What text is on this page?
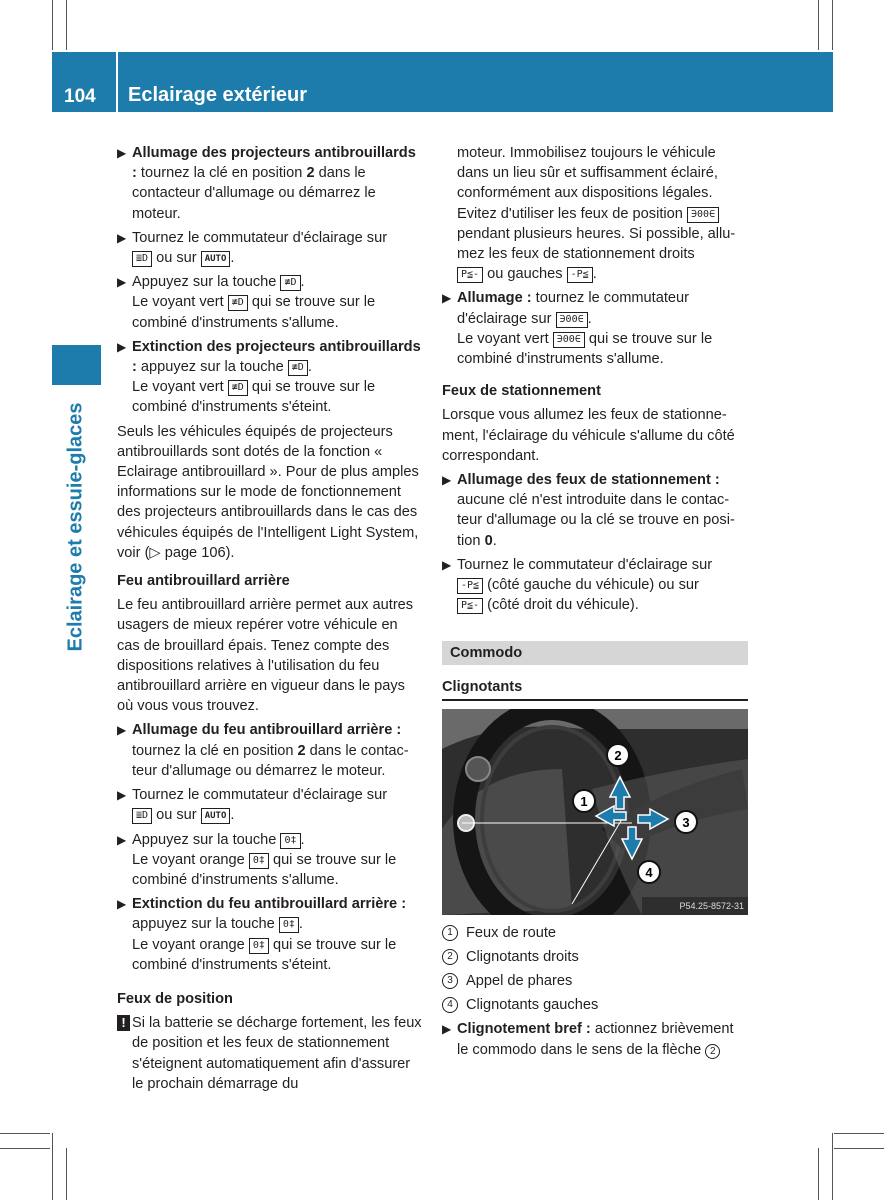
104 Eclairage extérieur
Eclairage et essuie-glaces
▶ Allumage des projecteurs antibrouillards : tournez la clé en position 2 dans le contacteur d'allumage ou démarrez le moteur.
▶ Tournez le commutateur d'éclairage sur
≣D ou sur AUTO .
▶ Appuyez sur la touche ≢D .
Le voyant vert ≢D qui se trouve sur le combiné d'instruments s'allume.
▶ Extinction des projecteurs antibrouillards : appuyez sur la touche ≢D .
Le voyant vert ≢D qui se trouve sur le combiné d'instruments s'éteint.
Seuls les véhicules équipés de projecteurs antibrouillards sont dotés de la fonction « Eclairage antibrouillard ». Pour de plus amples informations sur le mode de fonctionnement des projecteurs antibrouillards dans le cas des véhicules équipés de l'Intelligent Light System, voir (▷ page 106).
Feu antibrouillard arrière
Le feu antibrouillard arrière permet aux autres usagers de mieux repérer votre véhicule en cas de brouillard épais. Tenez compte des dispositions relatives à l'utilisation du feu antibrouillard arrière en vigueur dans le pays où vous vous trouvez.
▶ Allumage du feu antibrouillard arrière : tournez la clé en position 2 dans le contacteur d'allumage ou démarrez le moteur.
▶ Tournez le commutateur d'éclairage sur
≣D ou sur AUTO .
▶ Appuyez sur la touche 0‡ .
Le voyant orange 0‡ qui se trouve sur le combiné d'instruments s'allume.
▶ Extinction du feu antibrouillard arrière : appuyez sur la touche 0‡ .
Le voyant orange 0‡ qui se trouve sur le combiné d'instruments s'éteint.
Feux de position
! Si la batterie se décharge fortement, les feux de position et les feux de stationnement s'éteignent automatiquement afin d'assurer le prochain démarrage du
moteur. Immobilisez toujours le véhicule dans un lieu sûr et suffisamment éclairé, conformément aux dispositions légales. Evitez d'utiliser les feux de position ∋00∈ pendant plusieurs heures. Si possible, allumez les feux de stationnement droits
P≦- ou gauches -P≦ .
▶ Allumage : tournez le commutateur d'éclairage sur ∋00∈ .
Le voyant vert ∋00∈ qui se trouve sur le combiné d'instruments s'allume.
Feux de stationnement
Lorsque vous allumez les feux de stationnement, l'éclairage du véhicule s'allume du côté correspondant.
▶ Allumage des feux de stationnement : aucune clé n'est introduite dans le contacteur d'allumage ou la clé se trouve en position 0.
▶ Tournez le commutateur d'éclairage sur
-P≦ (côté gauche du véhicule) ou sur
P≦- (côté droit du véhicule).
Commodo
Clignotants
2
1
3
4
P54.25-8572-31
1 Feux de route
2 Clignotants droits
3 Appel de phares
4 Clignotants gauches
▶ Clignotement bref : actionnez brièvement le commodo dans le sens de la flèche 2
